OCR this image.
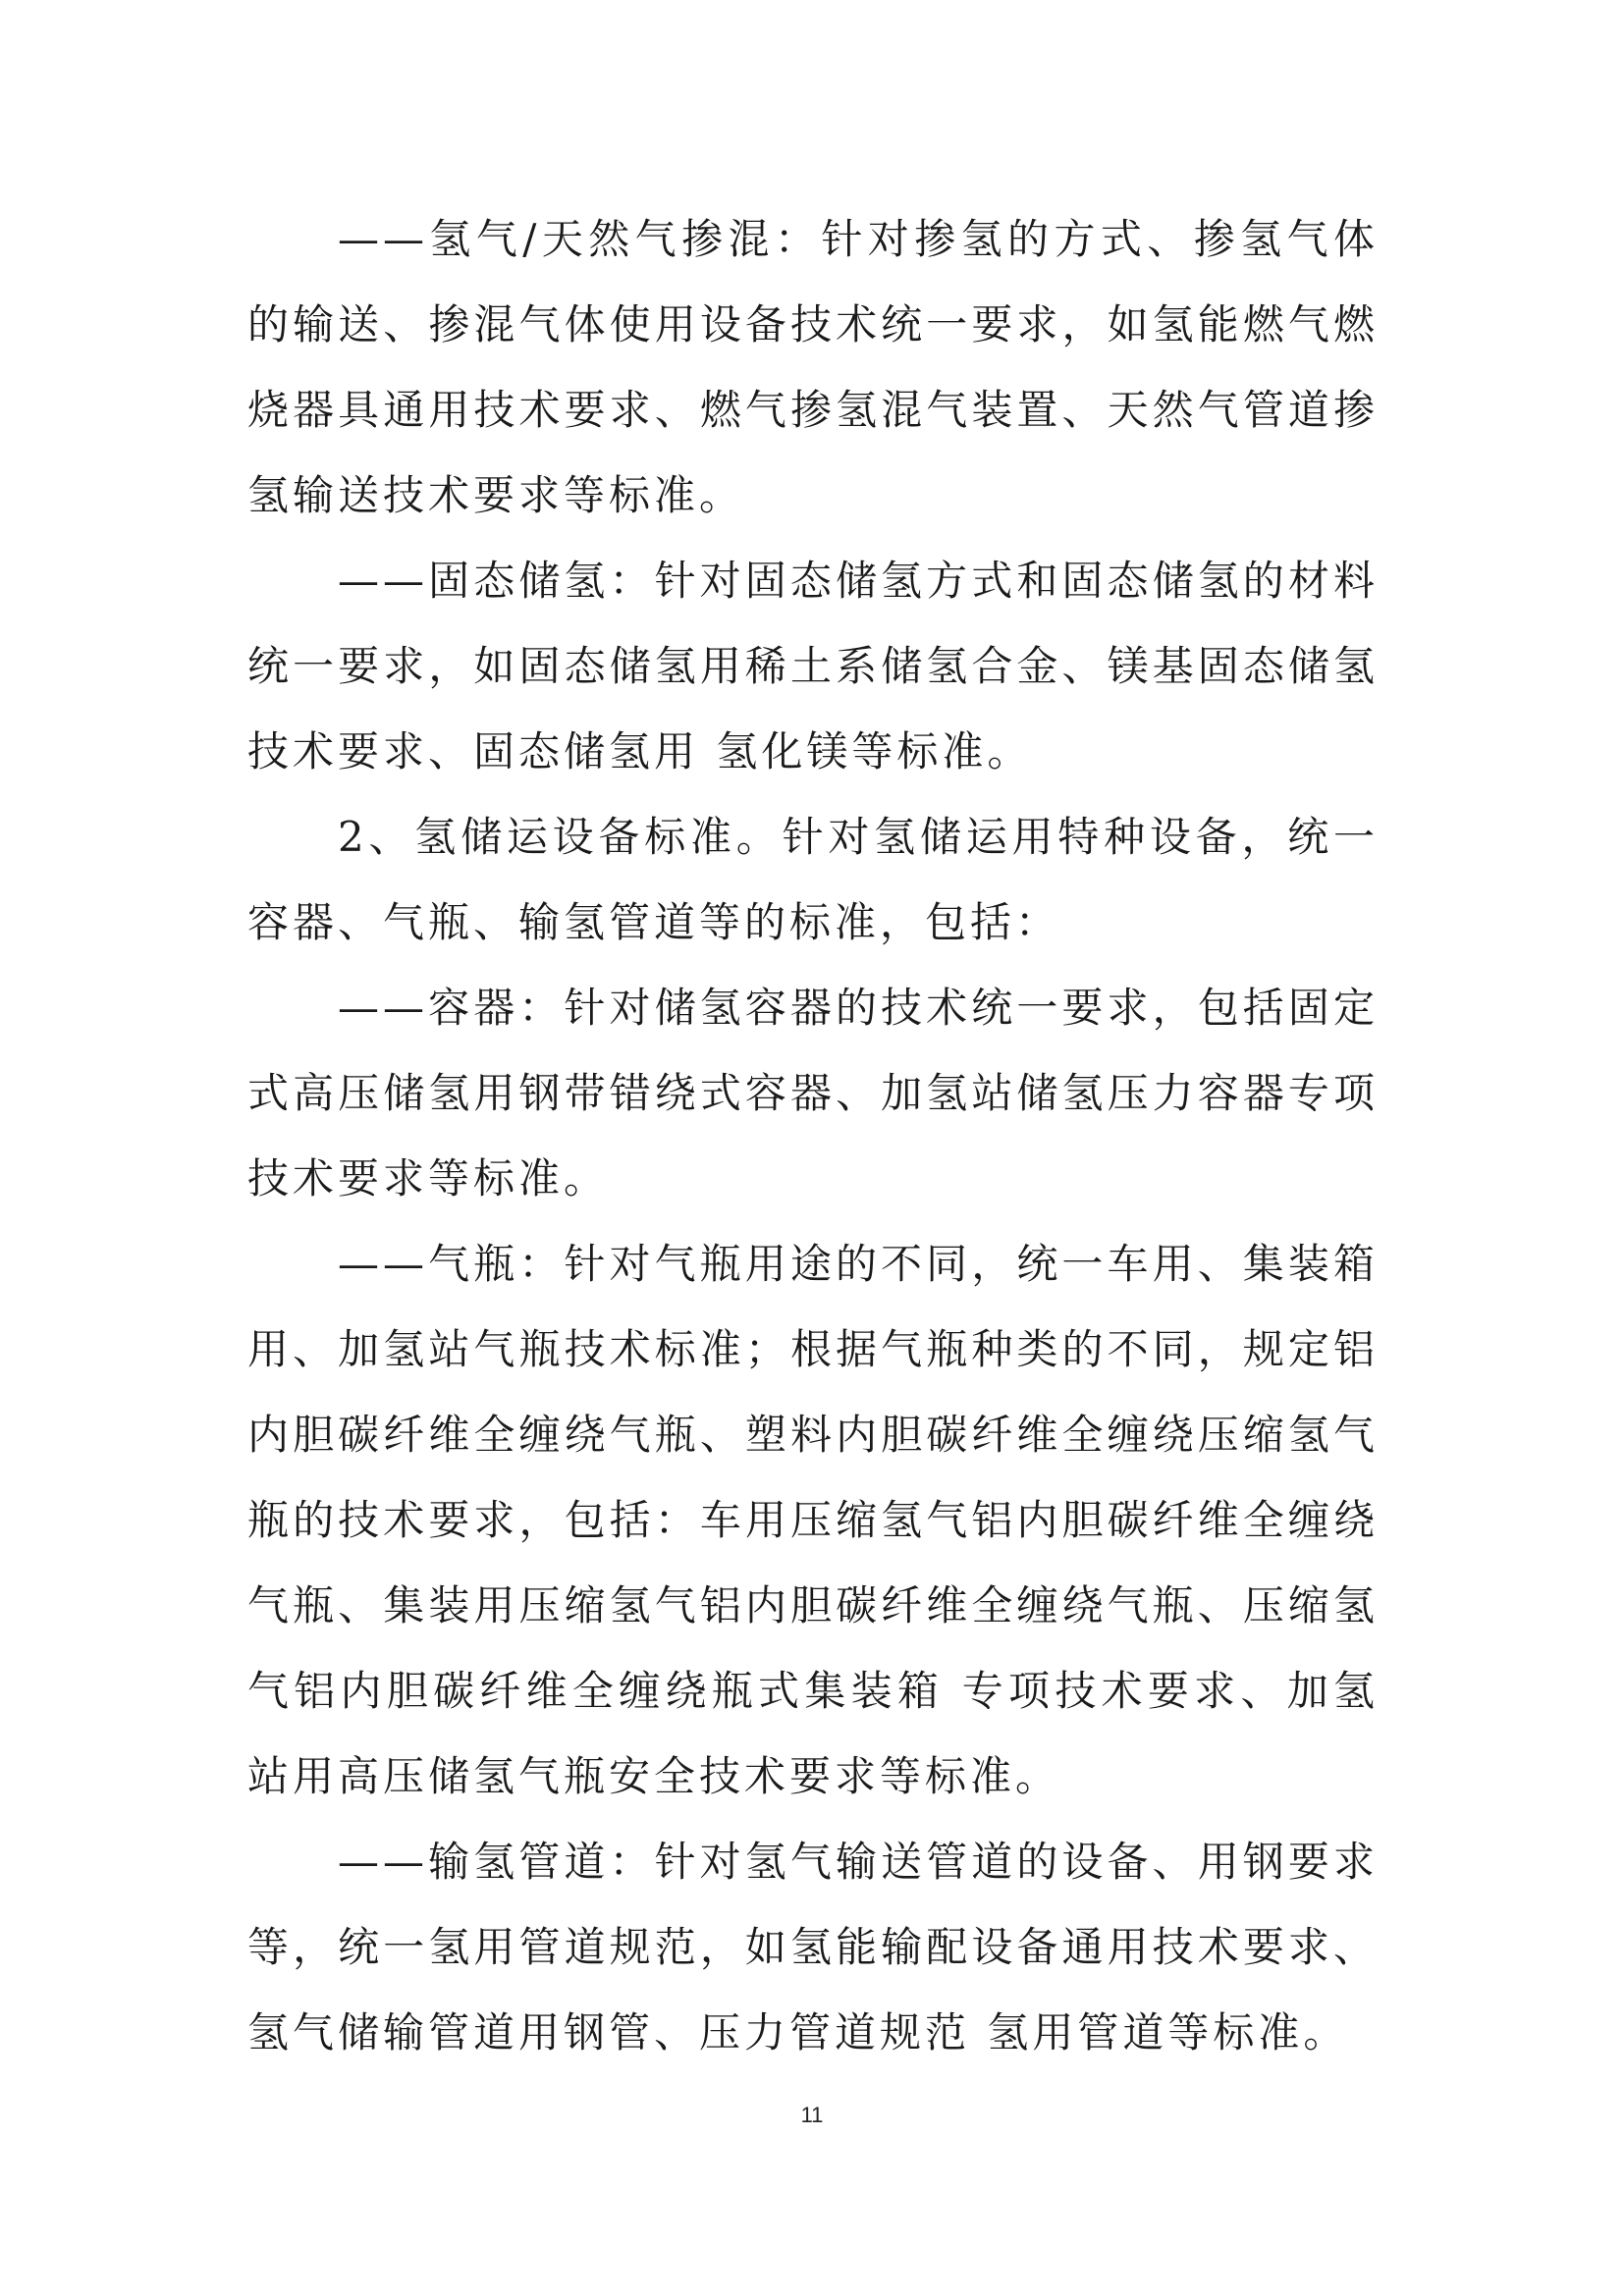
——氢气/天然气掺混：针对掺氢的方式、掺氢气体的输送、掺混气体使用设备技术统一要求，如氢能燃气燃烧器具通用技术要求、燃气掺氢混气装置、天然气管道掺氢输送技术要求等标准。

——固态储氢：针对固态储氢方式和固态储氢的材料统一要求，如固态储氢用稀土系储氢合金、镁基固态储氢技术要求、固态储氢用 氢化镁等标准。

2、氢储运设备标准。针对氢储运用特种设备，统一容器、气瓶、输氢管道等的标准，包括：

——容器：针对储氢容器的技术统一要求，包括固定式高压储氢用钢带错绕式容器、加氢站储氢压力容器专项技术要求等标准。

——气瓶：针对气瓶用途的不同，统一车用、集装箱用、加氢站气瓶技术标准；根据气瓶种类的不同，规定铝内胆碳纤维全缠绕气瓶、塑料内胆碳纤维全缠绕压缩氢气瓶的技术要求，包括：车用压缩氢气铝内胆碳纤维全缠绕气瓶、集装用压缩氢气铝内胆碳纤维全缠绕气瓶、压缩氢气铝内胆碳纤维全缠绕瓶式集装箱 专项技术要求、加氢站用高压储氢气瓶安全技术要求等标准。

——输氢管道：针对氢气输送管道的设备、用钢要求等，统一氢用管道规范，如氢能输配设备通用技术要求、氢气储输管道用钢管、压力管道规范 氢用管道等标准。

11
